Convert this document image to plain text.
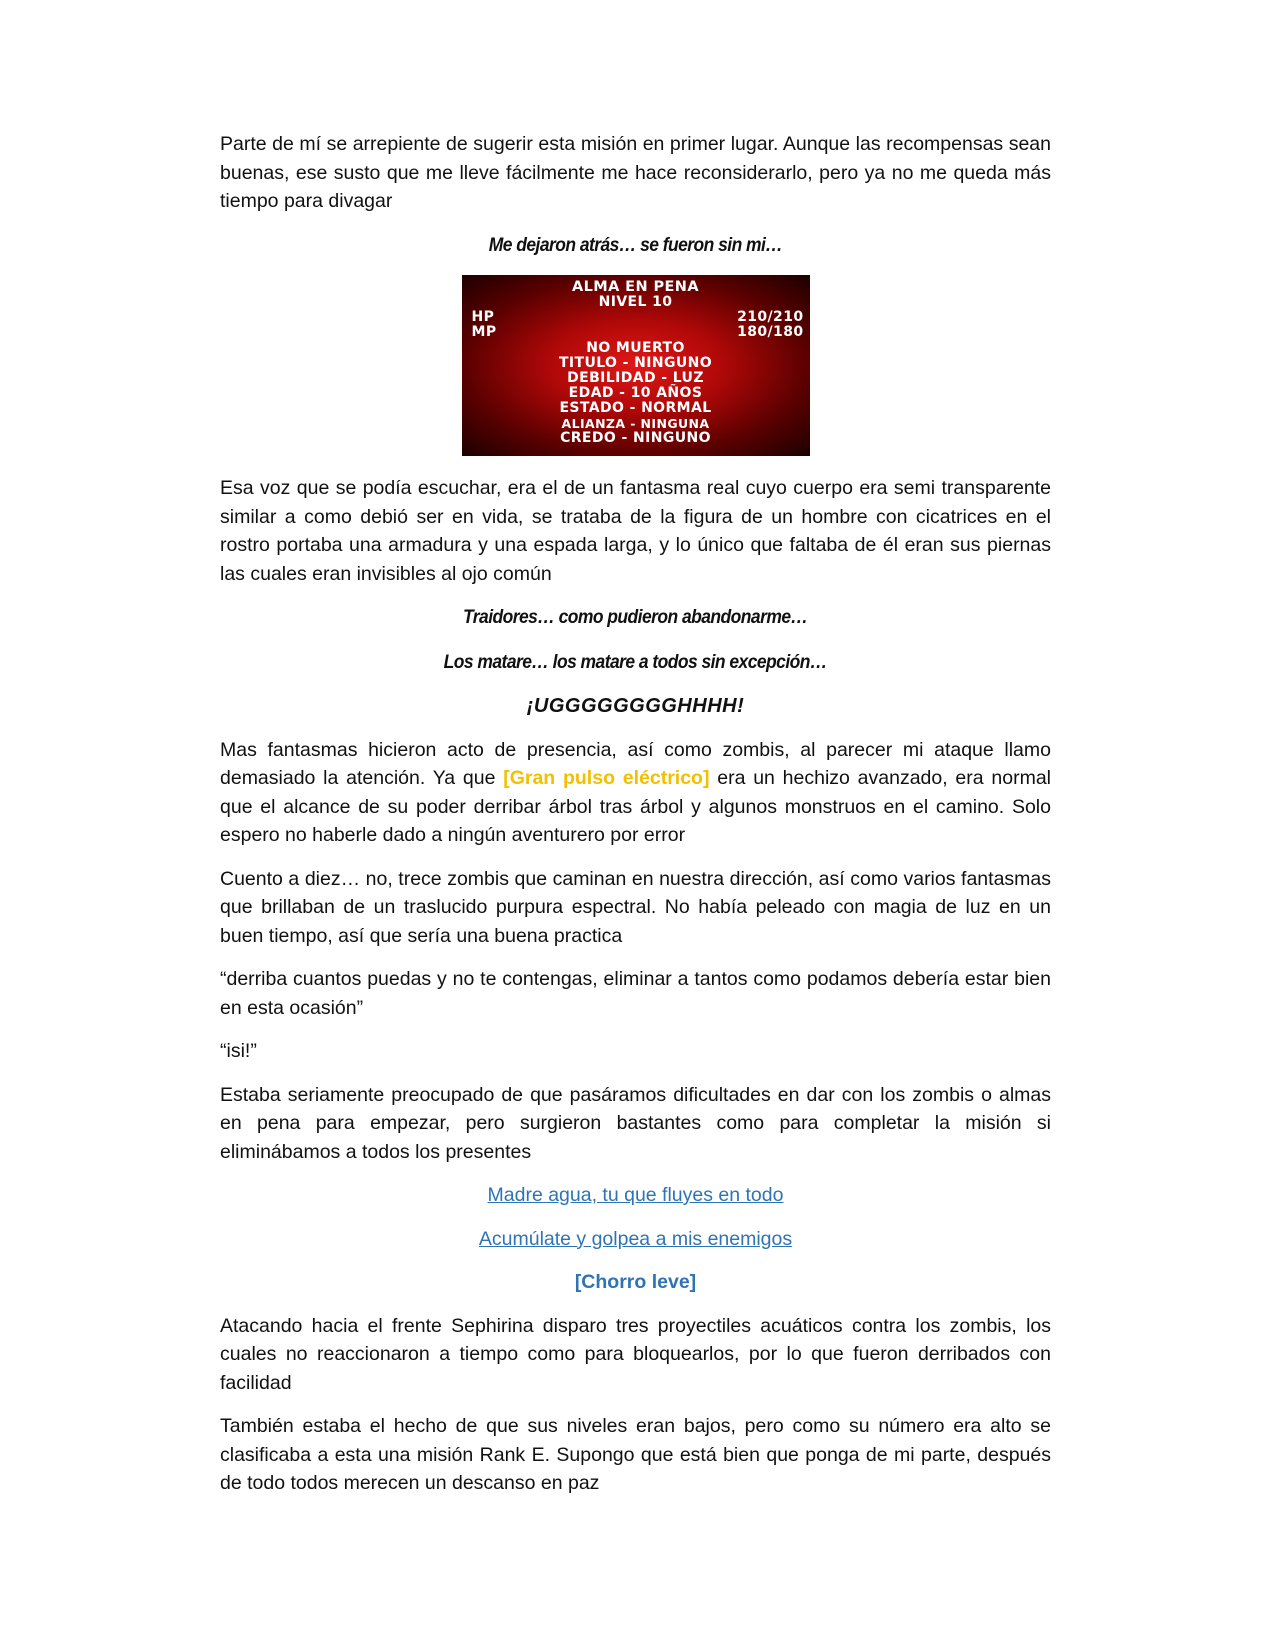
Parte de mí se arrepiente de sugerir esta misión en primer lugar. Aunque las recompensas sean buenas, ese susto que me lleve fácilmente me hace reconsiderarlo, pero ya no me queda más tiempo para divagar

Me dejaron atrás… se fueron sin mi…

ALMA EN PENA
NIVEL 10
HP	210/210
MP	180/180
NO MUERTO
TITULO - NINGUNO
DEBILIDAD - LUZ
EDAD - 10 AÑOS
ESTADO - NORMAL
ALIANZA - NINGUNA
CREDO - NINGUNO

Esa voz que se podía escuchar, era el de un fantasma real cuyo cuerpo era semi transparente similar a como debió ser en vida, se trataba de la figura de un hombre con cicatrices en el rostro portaba una armadura y una espada larga, y lo único que faltaba de él eran sus piernas las cuales eran invisibles al ojo común

Traidores… como pudieron abandonarme…

Los matare… los matare a todos sin excepción…

¡UGGGGGGGGHHHH!

Mas fantasmas hicieron acto de presencia, así como zombis, al parecer mi ataque llamo demasiado la atención. Ya que [Gran pulso eléctrico] era un hechizo avanzado, era normal que el alcance de su poder derribar árbol tras árbol y algunos monstruos en el camino. Solo espero no haberle dado a ningún aventurero por error

Cuento a diez… no, trece zombis que caminan en nuestra dirección, así como varios fantasmas que brillaban de un traslucido purpura espectral. No había peleado con magia de luz en un buen tiempo, así que sería una buena practica

“derriba cuantos puedas y no te contengas, eliminar a tantos como podamos debería estar bien en esta ocasión”

“isi!”

Estaba seriamente preocupado de que pasáramos dificultades en dar con los zombis o almas en pena para empezar, pero surgieron bastantes como para completar la misión si eliminábamos a todos los presentes

Madre agua, tu que fluyes en todo

Acumúlate y golpea a mis enemigos

[Chorro leve]

Atacando hacia el frente Sephirina disparo tres proyectiles acuáticos contra los zombis, los cuales no reaccionaron a tiempo como para bloquearlos, por lo que fueron derribados con facilidad

También estaba el hecho de que sus niveles eran bajos, pero como su número era alto se clasificaba a esta una misión Rank E. Supongo que está bien que ponga de mi parte, después de todo todos merecen un descanso en paz
